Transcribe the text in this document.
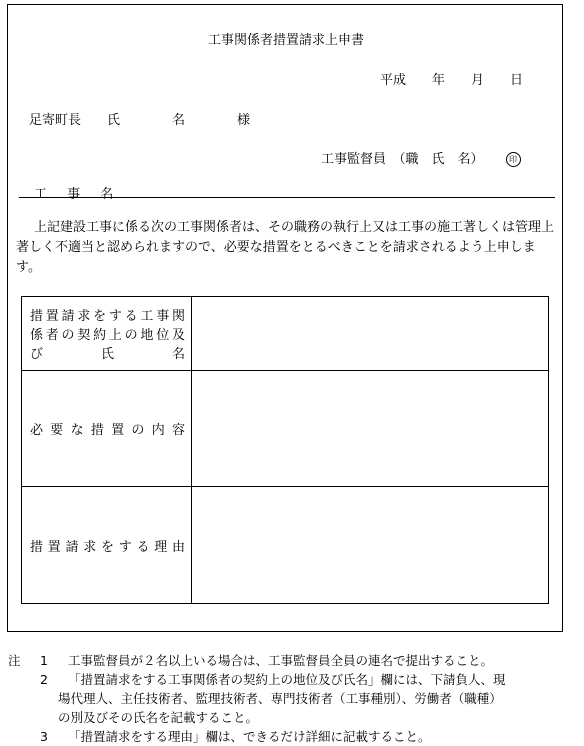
工事関係者措置請求上申書
平成　　年　　月　　日
足寄町長　　氏　　　　名　　　　様
工事監督員　（職　氏　名）	印
工 事 名
上記建設工事に係る次の工事関係者は、その職務の執行上又は工事の施工著しくは管理上著しく不適当と認められますので、必要な措置をとるべきことを請求されるよう上申します。
措置請求をする工事関
係者の契約上の地位及
び　　氏　　名	

必要な措置の内容	

措置請求をする理由	

注 1 工事監督員が２名以上いる場合は、工事監督員全員の連名で提出すること。
2 「措置請求をする工事関係者の契約上の地位及び氏名」欄には、下請負人、現
場代理人、主任技術者、監理技術者、専門技術者（工事種別）、労働者（職種）
の別及びその氏名を記載すること。
3 「措置請求をする理由」欄は、できるだけ詳細に記載すること。
